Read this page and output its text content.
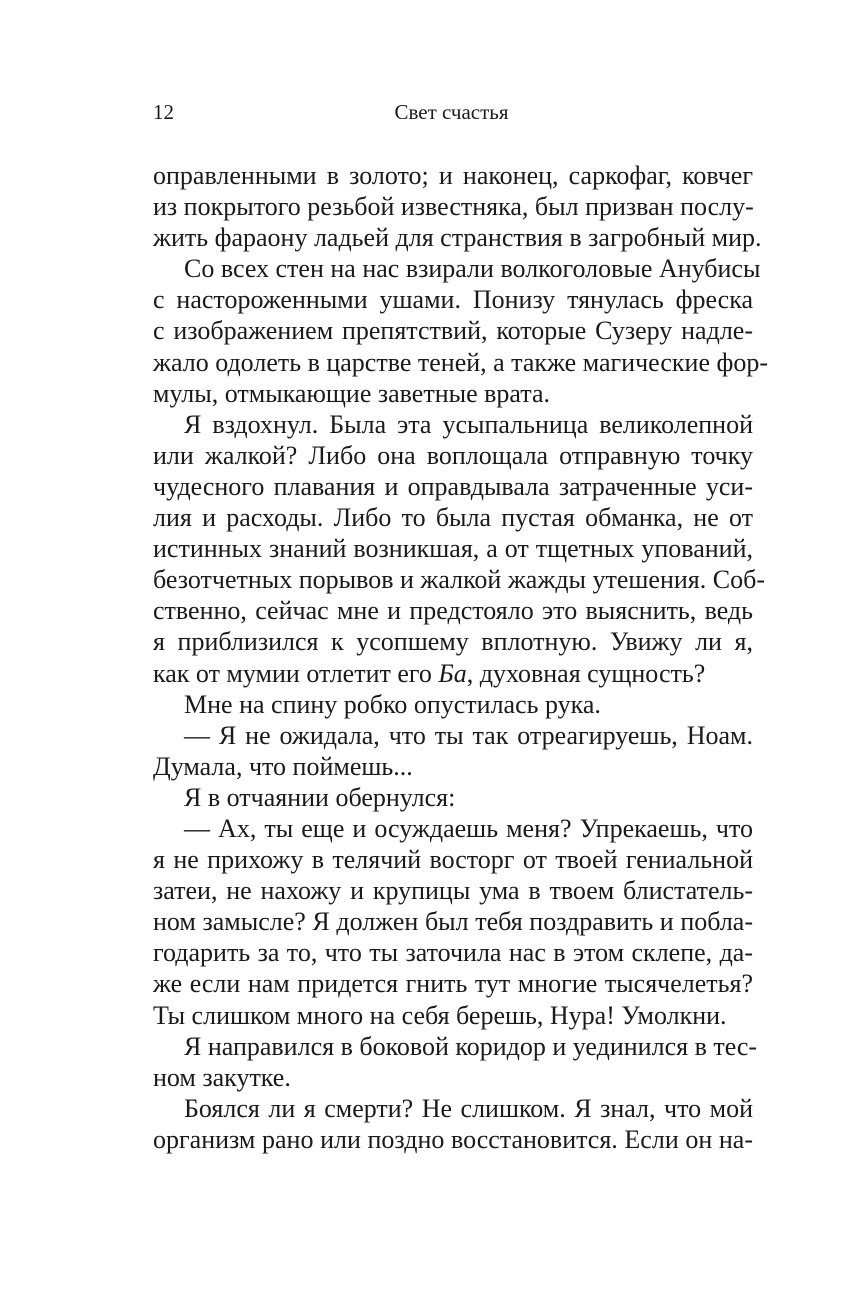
12	Свет счастья
оправленными в золото; и наконец, саркофаг, ковчег
из покрытого резьбой известняка, был призван послу-
жить фараону ладьей для странствия в загробный мир.
Со всех стен на нас взирали волкоголовые Анубисы
с настороженными ушами. Понизу тянулась фреска
с изображением препятствий, которые Сузеру надле-
жало одолеть в царстве теней, а также магические фор-
мулы, отмыкающие заветные врата.
Я вздохнул. Была эта усыпальница великолепной
или жалкой? Либо она воплощала отправную точку
чудесного плавания и оправдывала затраченные уси-
лия и расходы. Либо то была пустая обманка, не от
истинных знаний возникшая, а от тщетных упований,
безотчетных порывов и жалкой жажды утешения. Соб-
ственно, сейчас мне и предстояло это выяснить, ведь
я приблизился к усопшему вплотную. Увижу ли я,
как от мумии отлетит его Ба, духовная сущность?
Мне на спину робко опустилась рука.
— Я не ожидала, что ты так отреагируешь, Ноам.
Думала, что поймешь...
Я в отчаянии обернулся:
— Ах, ты еще и осуждаешь меня? Упрекаешь, что
я не прихожу в телячий восторг от твоей гениальной
затеи, не нахожу и крупицы ума в твоем блистатель-
ном замысле? Я должен был тебя поздравить и побла-
годарить за то, что ты заточила нас в этом склепе, да-
же если нам придется гнить тут многие тысячелетья?
Ты слишком много на себя берешь, Нура! Умолкни.
Я направился в боковой коридор и уединился в тес-
ном закутке.
Боялся ли я смерти? Не слишком. Я знал, что мой
организм рано или поздно восстановится. Если он на-
